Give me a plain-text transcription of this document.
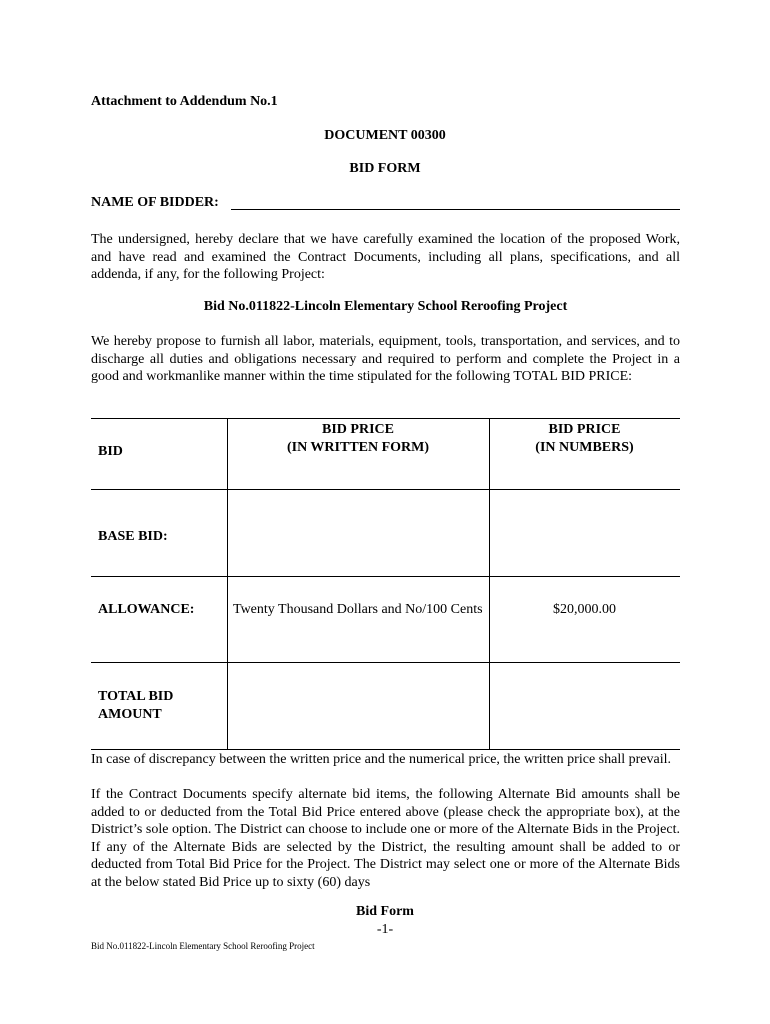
Attachment to Addendum No.1
DOCUMENT 00300
BID FORM
NAME OF BIDDER:
The undersigned, hereby declare that we have carefully examined the location of the proposed Work, and have read and examined the Contract Documents, including all plans, specifications, and all addenda, if any, for the following Project:
Bid No.011822-Lincoln Elementary School Reroofing Project
We hereby propose to furnish all labor, materials, equipment, tools, transportation, and services, and to discharge all duties and obligations necessary and required to perform and complete the Project in a good and workmanlike manner within the time stipulated for the following TOTAL BID PRICE:
BID
BID PRICE
(IN WRITTEN FORM)
BID PRICE
(IN NUMBERS)
BASE BID:
ALLOWANCE:	Twenty Thousand Dollars and No/100 Cents	$20,000.00
TOTAL BID AMOUNT
In case of discrepancy between the written price and the numerical price, the written price shall prevail.
If the Contract Documents specify alternate bid items, the following Alternate Bid amounts shall be added to or deducted from the Total Bid Price entered above (please check the appropriate box), at the District’s sole option. The District can choose to include one or more of the Alternate Bids in the Project. If any of the Alternate Bids are selected by the District, the resulting amount shall be added to or deducted from Total Bid Price for the Project. The District may select one or more of the Alternate Bids at the below stated Bid Price up to sixty (60) days
Bid Form
-1-
Bid No.011822-Lincoln Elementary School Reroofing Project
